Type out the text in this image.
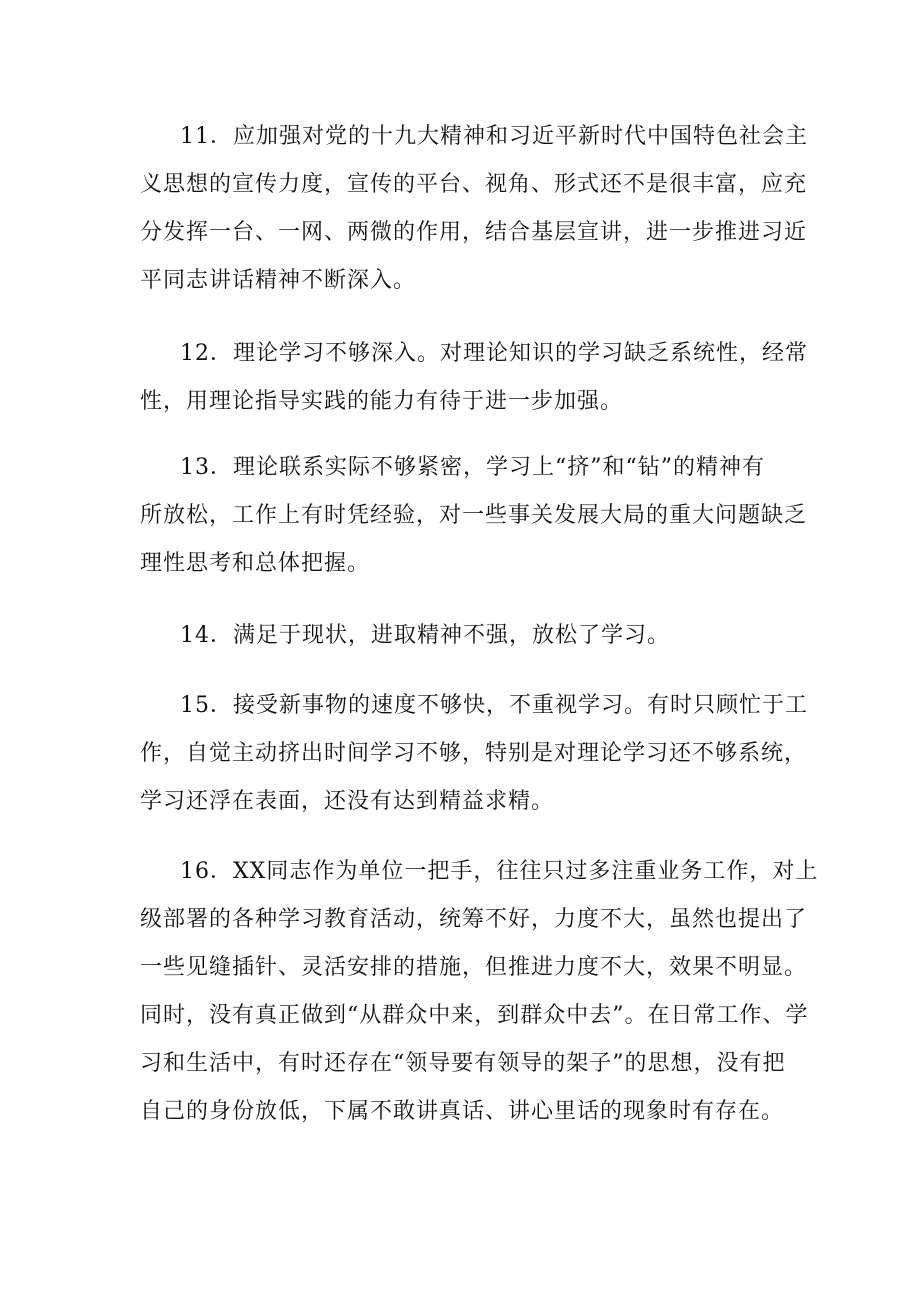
11．应加强对党的十九大精神和习近平新时代中国特色社会主
义思想的宣传力度，宣传的平台、视角、形式还不是很丰富，应充
分发挥一台、一网、两微的作用，结合基层宣讲，进一步推进习近
平同志讲话精神不断深入。
12．理论学习不够深入。对理论知识的学习缺乏系统性，经常
性，用理论指导实践的能力有待于进一步加强。
13．理论联系实际不够紧密，学习上“挤”和“钻”的精神有
所放松，工作上有时凭经验，对一些事关发展大局的重大问题缺乏
理性思考和总体把握。
14．满足于现状，进取精神不强，放松了学习。
15．接受新事物的速度不够快，不重视学习。有时只顾忙于工
作，自觉主动挤出时间学习不够，特别是对理论学习还不够系统，
学习还浮在表面，还没有达到精益求精。
16．XX同志作为单位一把手，往往只过多注重业务工作，对上
级部署的各种学习教育活动，统筹不好，力度不大，虽然也提出了
一些见缝插针、灵活安排的措施，但推进力度不大，效果不明显。
同时，没有真正做到“从群众中来，到群众中去”。在日常工作、学
习和生活中，有时还存在“领导要有领导的架子”的思想，没有把
自己的身份放低，下属不敢讲真话、讲心里话的现象时有存在。
